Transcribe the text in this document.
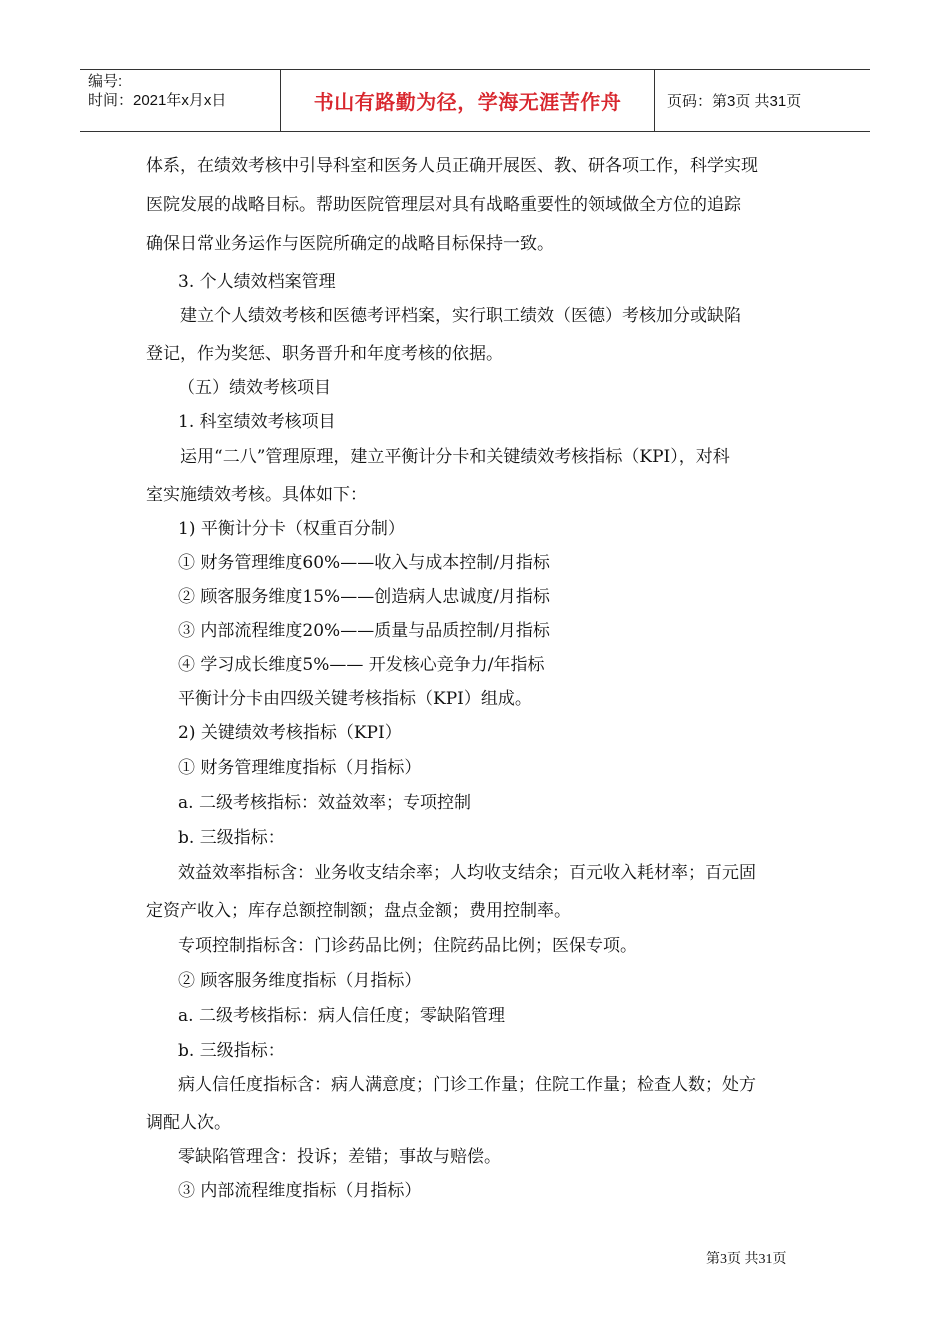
编号:
时间：2021年x月x日	书山有路勤为径，学海无涯苦作舟	页码：第3页 共31页
体系，在绩效考核中引导科室和医务人员正确开展医、教、研各项工作，科学实现
医院发展的战略目标。帮助医院管理层对具有战略重要性的领域做全方位的追踪
确保日常业务运作与医院所确定的战略目标保持一致。
3. 个人绩效档案管理
建立个人绩效考核和医德考评档案，实行职工绩效（医德）考核加分或缺陷
登记，作为奖惩、职务晋升和年度考核的依据。
（五）绩效考核项目
1. 科室绩效考核项目
运用“二八”管理原理，建立平衡计分卡和关键绩效考核指标（KPI），对科
室实施绩效考核。具体如下：
1) 平衡计分卡（权重百分制）
① 财务管理维度60%——收入与成本控制/月指标
② 顾客服务维度15%——创造病人忠诚度/月指标
③ 内部流程维度20%——质量与品质控制/月指标
④ 学习成长维度5%—— 开发核心竞争力/年指标
平衡计分卡由四级关键考核指标（KPI）组成。
2) 关键绩效考核指标（KPI）
① 财务管理维度指标（月指标）
a. 二级考核指标：效益效率；专项控制
b. 三级指标：
效益效率指标含：业务收支结余率；人均收支结余；百元收入耗材率；百元固
定资产收入；库存总额控制额；盘点金额；费用控制率。
专项控制指标含：门诊药品比例；住院药品比例；医保专项。
② 顾客服务维度指标（月指标）
a. 二级考核指标：病人信任度；零缺陷管理
b. 三级指标：
病人信任度指标含：病人满意度；门诊工作量；住院工作量；检查人数；处方
调配人次。
零缺陷管理含：投诉；差错；事故与赔偿。
③ 内部流程维度指标（月指标）
第3页 共31页
